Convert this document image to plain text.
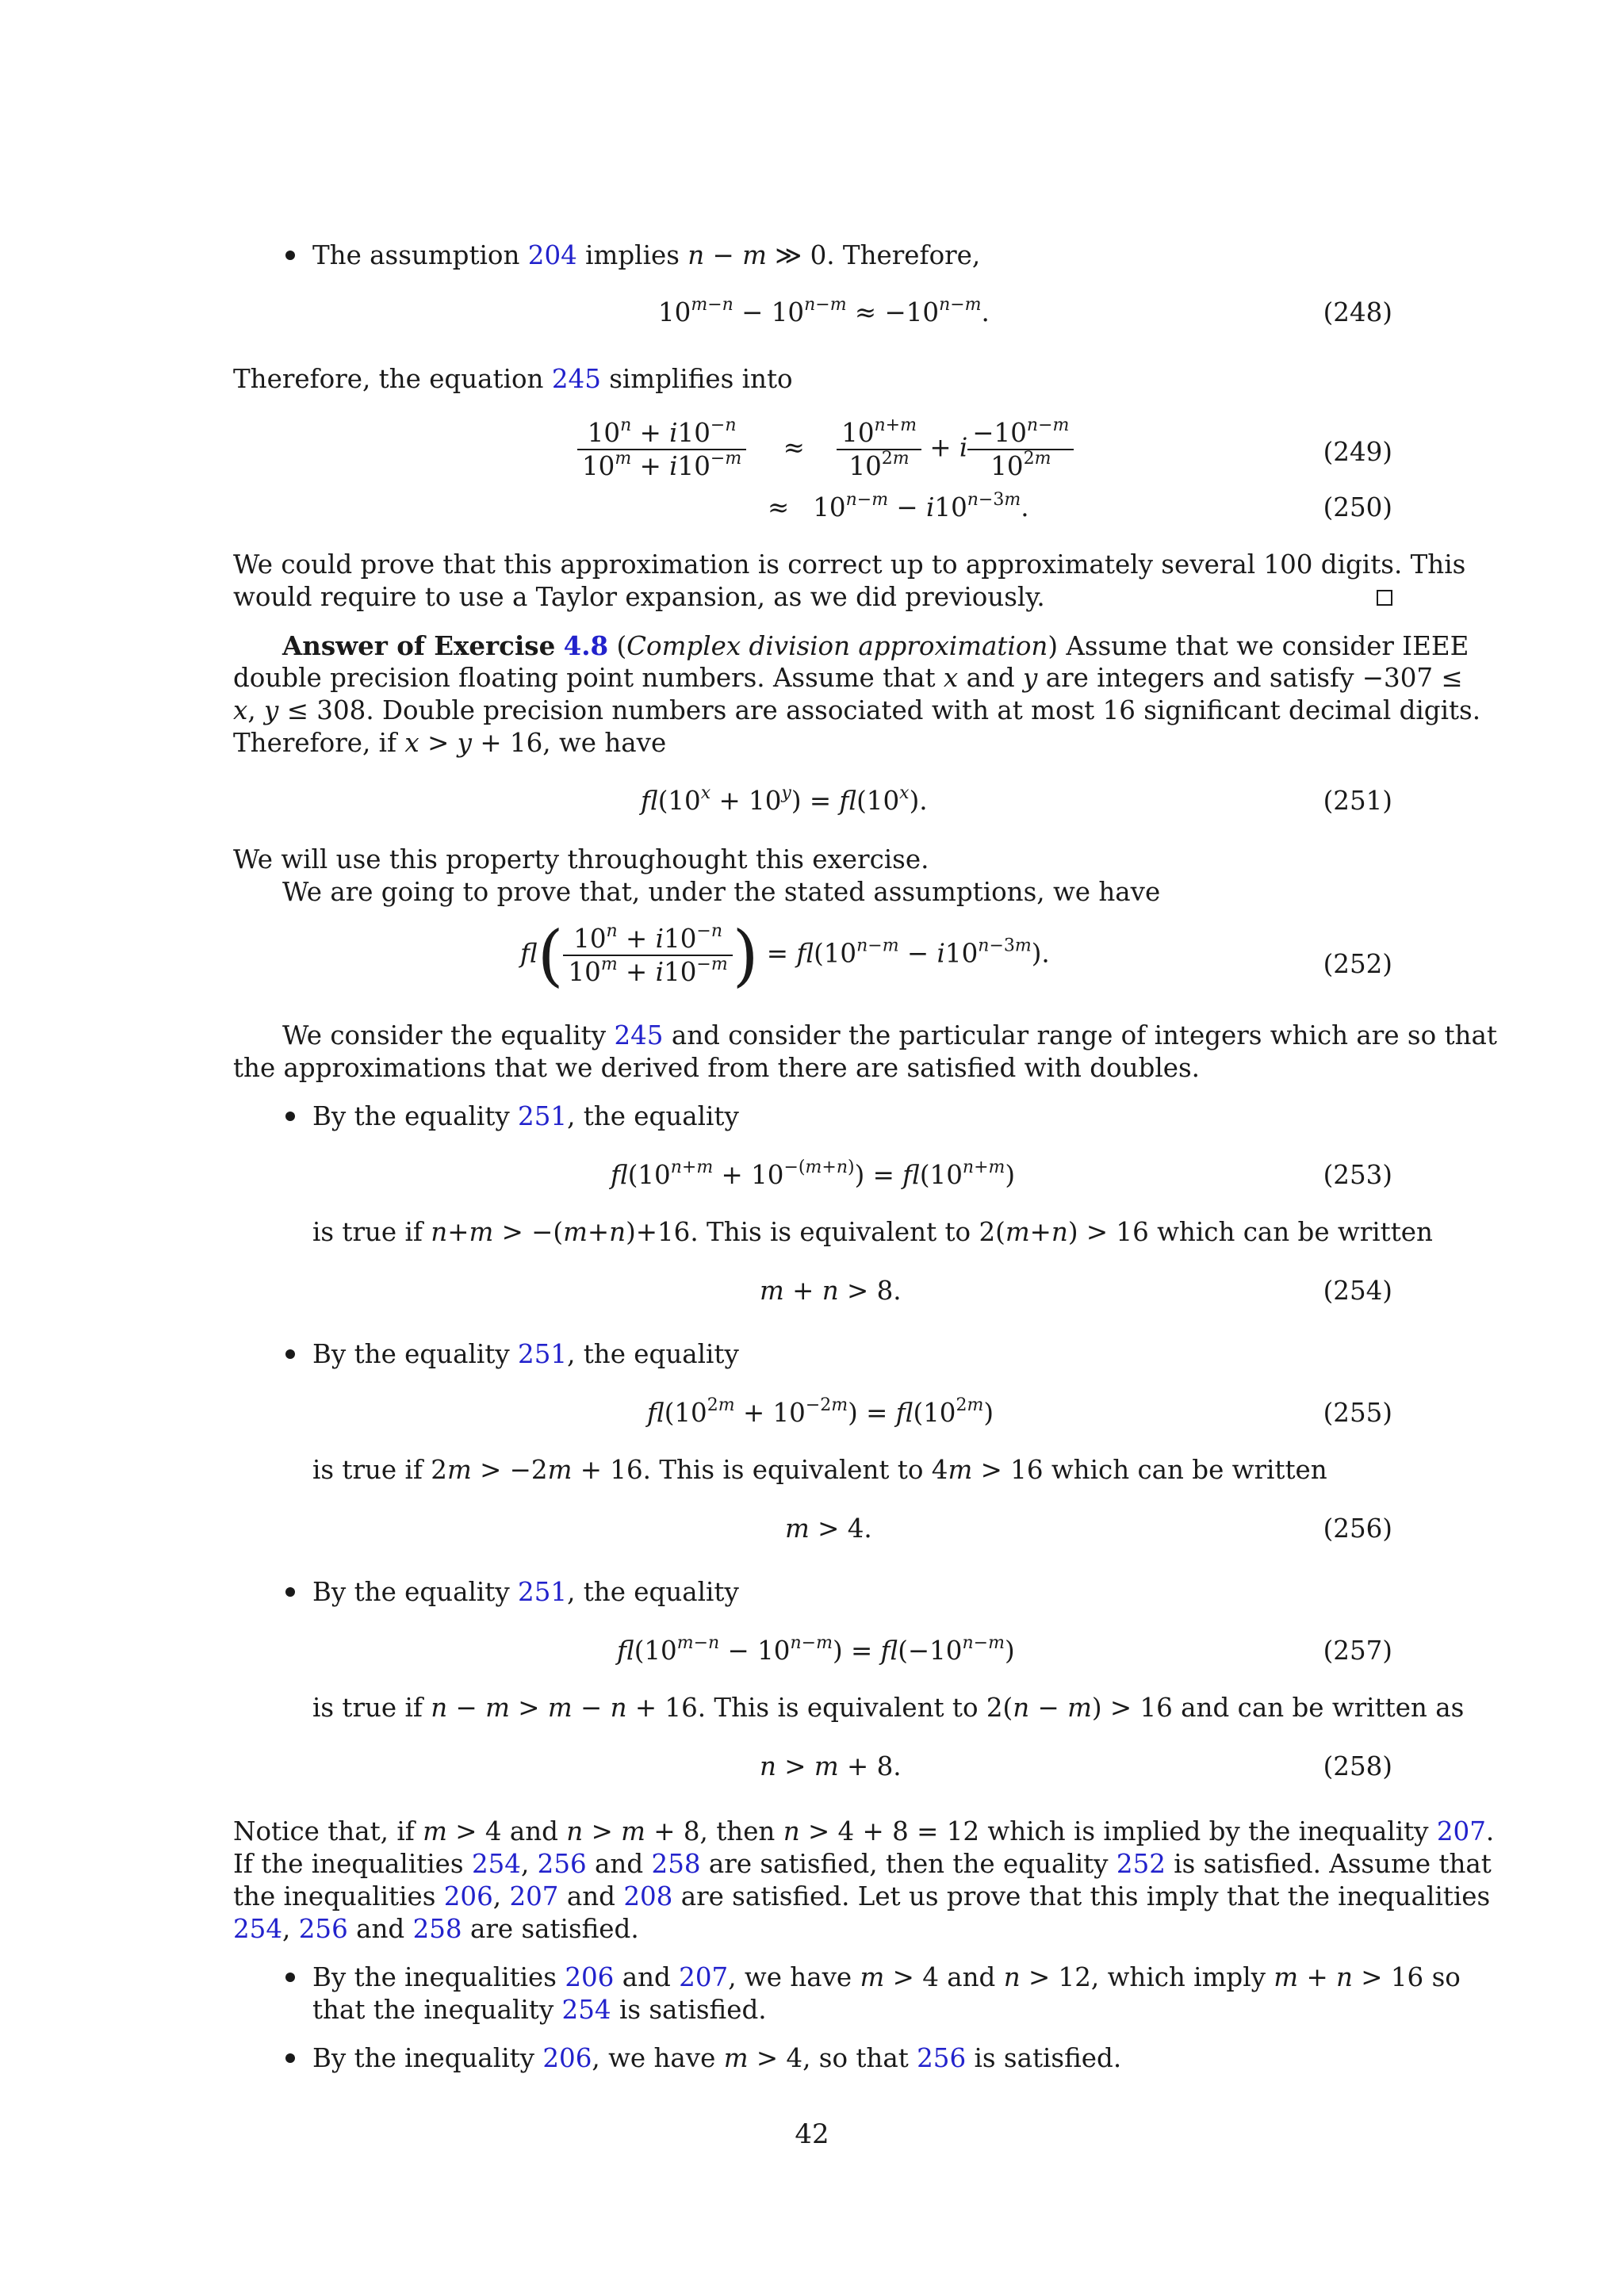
The assumption 204 implies n − m ≫ 0. Therefore,
$10^{m-n} - 10^{n-m} \approx -10^{n-m}$.	(248)
Therefore, the equation 245 simplifies into
$\frac{10^n + i10^{-n}}{10^m + i10^{-m}} \approx \frac{10^{n+m}}{10^{2m}} + i \frac{-10^{n-m}}{10^{2m}}$	(249)
≈ $10^{n-m} - i10^{n-3m}$.	(250)
We could prove that this approximation is correct up to approximately several 100 digits. This
would require to use a Taylor expansion, as we did previously.
Answer of Exercise 4.8 (Complex division approximation) Assume that we consider IEEE
double precision floating point numbers. Assume that x and y are integers and satisfy −307 ≤
x, y ≤ 308. Double precision numbers are associated with at most 16 significant decimal digits.
Therefore, if x > y + 16, we have
$fl(10^x + 10^y) = fl(10^x)$.	(251)
We will use this property throughought this exercise.
We are going to prove that, under the stated assumptions, we have
$fl( \frac{10^n + i10^{-n}}{10^m + i10^{-m}}$ ) = $fl(10^{n-m} - i10^{n-3m})$.	(252)
We consider the equality 245 and consider the particular range of integers which are so that
the approximations that we derived from there are satisfied with doubles.
By the equality 251, the equality
$fl(10^{n+m} + 10^{-(m+n)}) = fl(10^{n+m})$	(253)
is true if n+m > −(m+n)+16. This is equivalent to 2(m+n) > 16 which can be written
m + n > 8.	(254)
By the equality 251, the equality
$fl(10^{2m} + 10^{-2m}) = fl(10^{2m})$	(255)
is true if 2m > −2m + 16. This is equivalent to 4m > 16 which can be written
m > 4.	(256)
By the equality 251, the equality
$fl(10^{m-n} - 10^{n-m}) = fl(-10^{n-m})$	(257)
is true if n − m > m − n + 16. This is equivalent to 2(n − m) > 16 and can be written as
n > m + 8.	(258)
Notice that, if m > 4 and n > m + 8, then n > 4 + 8 = 12 which is implied by the inequality 207.
If the inequalities 254, 256 and 258 are satisfied, then the equality 252 is satisfied. Assume that
the inequalities 206, 207 and 208 are satisfied. Let us prove that this imply that the inequalities
254, 256 and 258 are satisfied.
By the inequalities 206 and 207, we have m > 4 and n > 12, which imply m + n > 16 so
that the inequality 254 is satisfied.
By the inequality 206, we have m > 4, so that 256 is satisfied.
42
